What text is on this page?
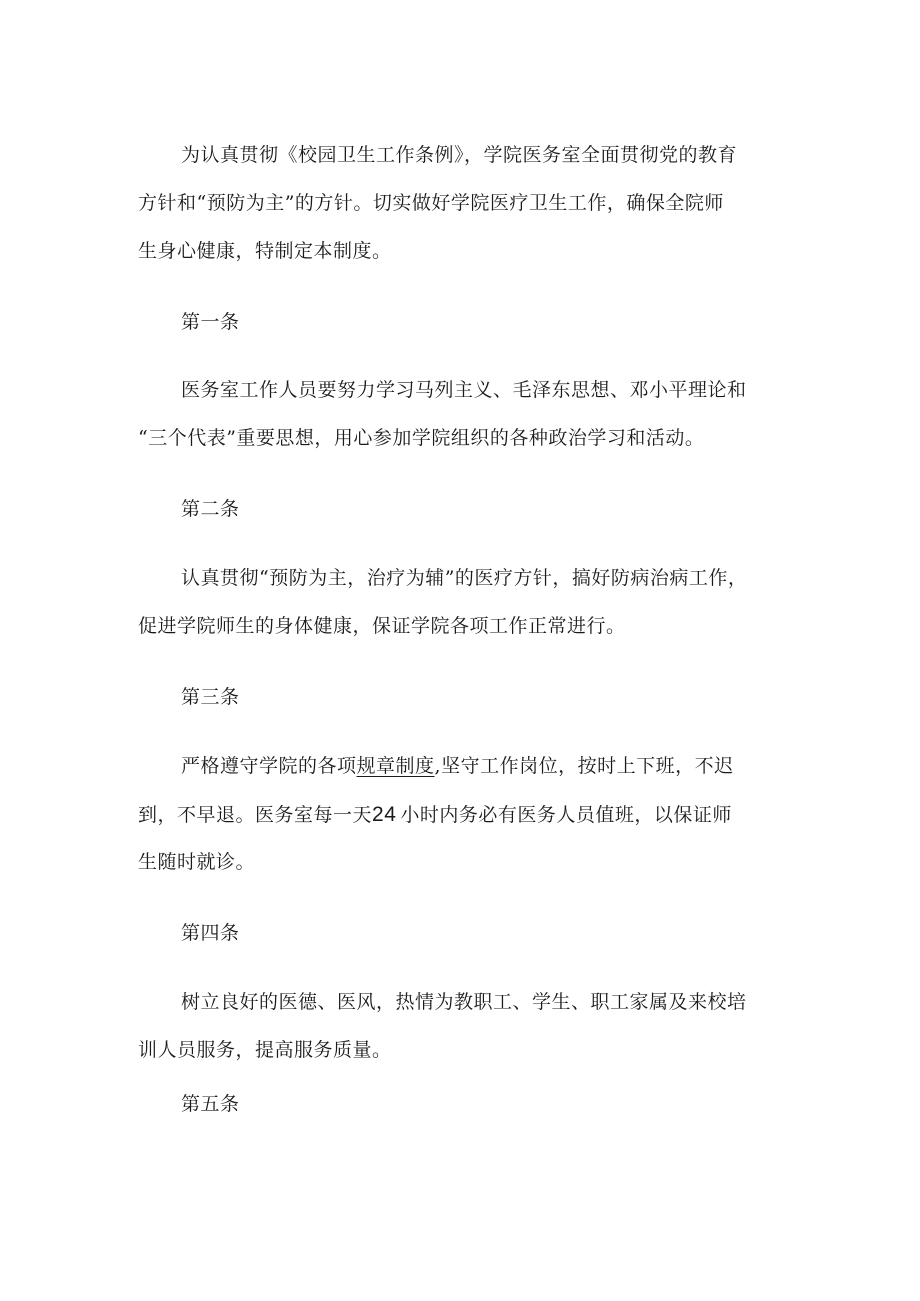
为认真贯彻《校园卫生工作条例》，学院医务室全面贯彻党的教育
方针和“预防为主”的方针。切实做好学院医疗卫生工作，确保全院师
生身心健康，特制定本制度。
第一条
医务室工作人员要努力学习马列主义、毛泽东思想、邓小平理论和
“三个代表”重要思想，用心参加学院组织的各种政治学习和活动。
第二条
认真贯彻“预防为主，治疗为辅”的医疗方针，搞好防病治病工作，
促进学院师生的身体健康，保证学院各项工作正常进行。
第三条
严格遵守学院的各项规章制度,坚守工作岗位，按时上下班，不迟
到，不早退。医务室每一天24 小时内务必有医务人员值班，以保证师
生随时就诊。
第四条
树立良好的医德、医风，热情为教职工、学生、职工家属及来校培
训人员服务，提高服务质量。
第五条
